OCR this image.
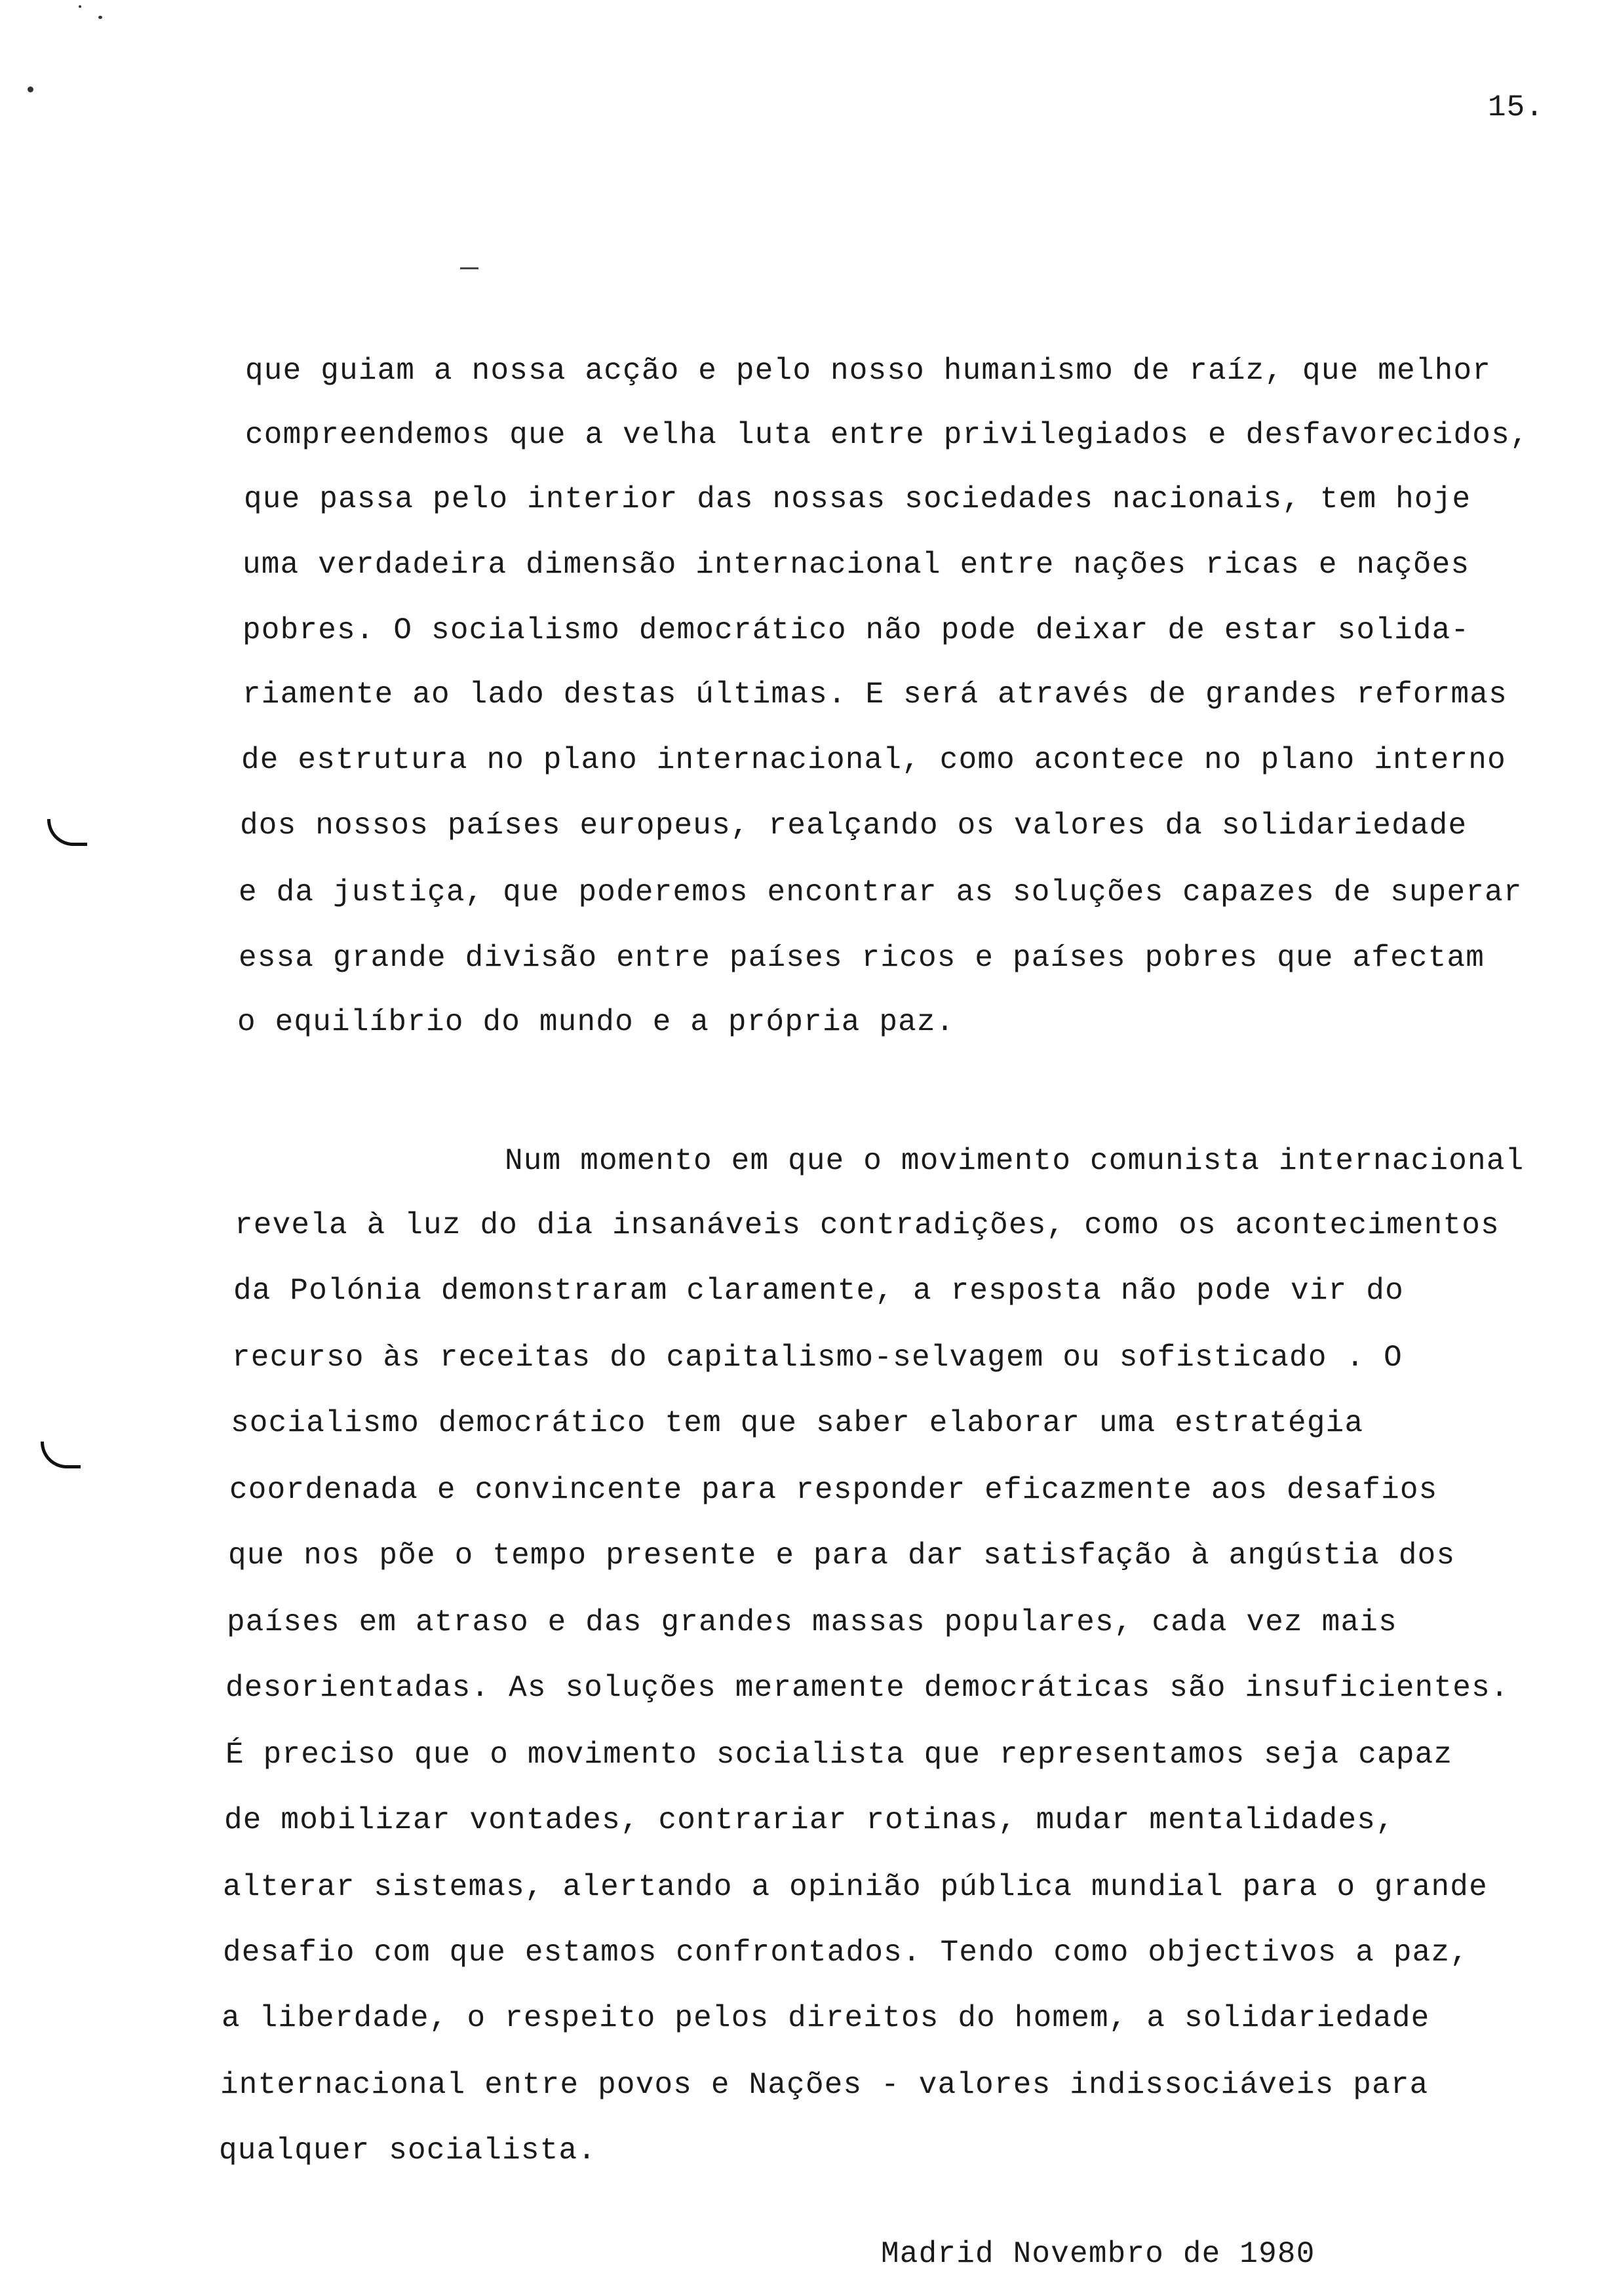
15.
que guiam a nossa acção e pelo nosso humanismo de raíz, que melhor
compreendemos que a velha luta entre privilegiados e desfavorecidos,
que passa pelo interior das nossas sociedades nacionais, tem hoje
uma verdadeira dimensão internacional entre nações ricas e nações
pobres. O socialismo democrático não pode deixar de estar solida-
riamente ao lado destas últimas. E será através de grandes reformas
de estrutura no plano internacional, como acontece no plano interno
dos nossos países europeus, realçando os valores da solidariedade
e da justiça, que poderemos encontrar as soluções capazes de superar
essa grande divisão entre países ricos e países pobres que afectam
o equilíbrio do mundo e a própria paz.
Num momento em que o movimento comunista internacional
revela à luz do dia insanáveis contradições, como os acontecimentos
da Polónia demonstraram claramente, a resposta não pode vir do
recurso às receitas do capitalismo-selvagem ou sofisticado . O
socialismo democrático tem que saber elaborar uma estratégia
coordenada e convincente para responder eficazmente aos desafios
que nos põe o tempo presente e para dar satisfação à angústia dos
países em atraso e das grandes massas populares, cada vez mais
desorientadas. As soluções meramente democráticas são insuficientes.
É preciso que o movimento socialista que representamos seja capaz
de mobilizar vontades, contrariar rotinas, mudar mentalidades,
alterar sistemas, alertando a opinião pública mundial para o grande
desafio com que estamos confrontados. Tendo como objectivos a paz,
a liberdade, o respeito pelos direitos do homem, a solidariedade
internacional entre povos e Nações - valores indissociáveis para
qualquer socialista.
Madrid Novembro de 1980
